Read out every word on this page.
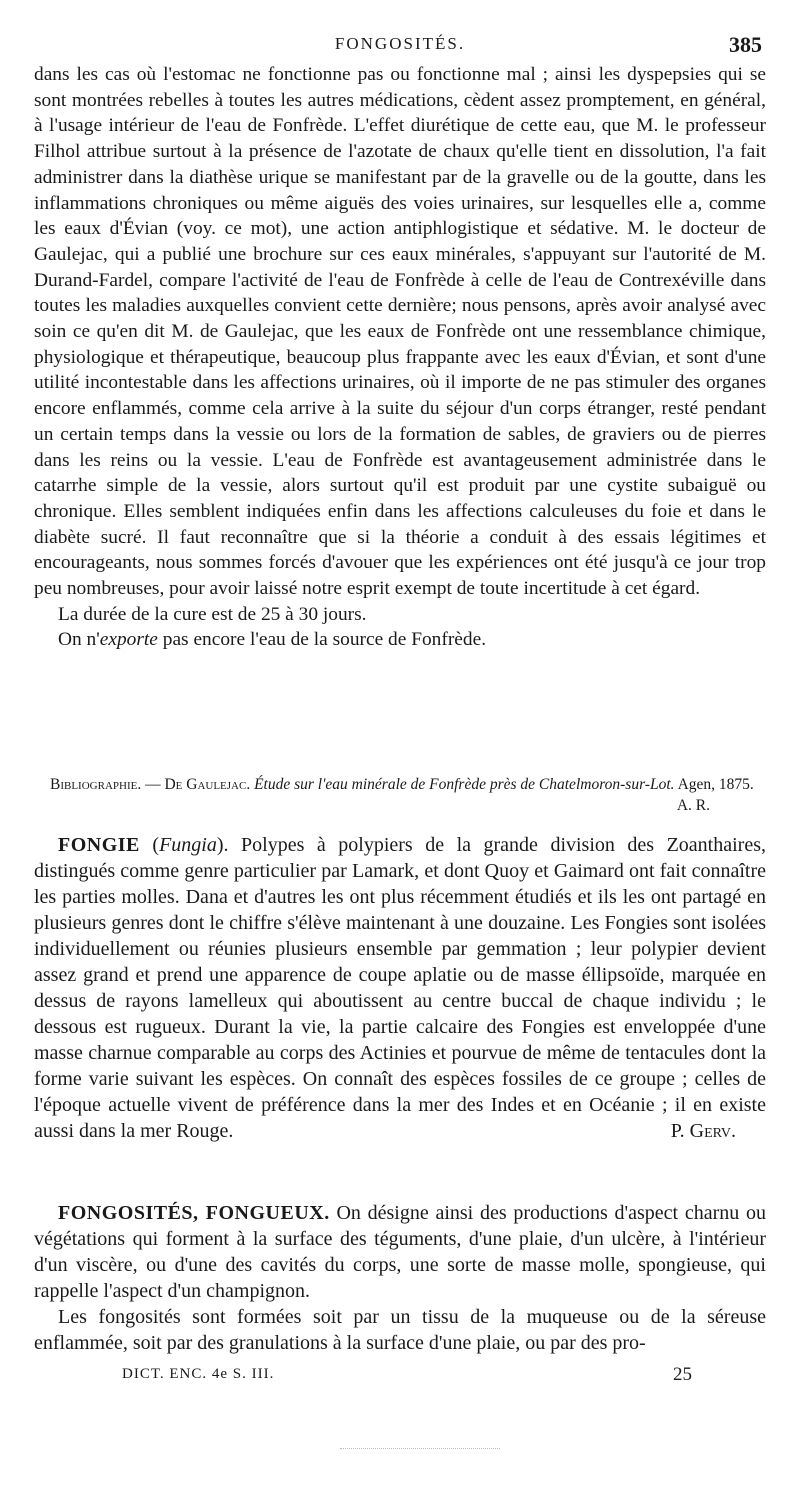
FONGOSITÉS.	385

dans les cas où l'estomac ne fonctionne pas ou fonctionne mal ; ainsi les dyspepsies qui se sont montrées rebelles à toutes les autres médications, cèdent assez promptement, en général, à l'usage intérieur de l'eau de Fonfrède. L'effet diurétique de cette eau, que M. le professeur Filhol attribue surtout à la présence de l'azotate de chaux qu'elle tient en dissolution, l'a fait administrer dans la diathèse urique se manifestant par de la gravelle ou de la goutte, dans les inflammations chroniques ou même aiguës des voies urinaires, sur lesquelles elle a, comme les eaux d'Évian (voy. ce mot), une action antiphlogistique et sédative. M. le docteur de Gaulejac, qui a publié une brochure sur ces eaux minérales, s'appuyant sur l'autorité de M. Durand-Fardel, compare l'activité de l'eau de Fonfrède à celle de l'eau de Contrexéville dans toutes les maladies auxquelles convient cette dernière; nous pensons, après avoir analysé avec soin ce qu'en dit M. de Gaulejac, que les eaux de Fonfrède ont une ressemblance chimique, physiologique et thérapeutique, beaucoup plus frappante avec les eaux d'Évian, et sont d'une utilité incontestable dans les affections urinaires, où il importe de ne pas stimuler des organes encore enflammés, comme cela arrive à la suite du séjour d'un corps étranger, resté pendant un certain temps dans la vessie ou lors de la formation de sables, de graviers ou de pierres dans les reins ou la vessie. L'eau de Fonfrède est avantageusement administrée dans le catarrhe simple de la vessie, alors surtout qu'il est produit par une cystite subaiguë ou chronique. Elles semblent indiquées enfin dans les affections calculeuses du foie et dans le diabète sucré. Il faut reconnaître que si la théorie a conduit à des essais légitimes et encourageants, nous sommes forcés d'avouer que les expériences ont été jusqu'à ce jour trop peu nombreuses, pour avoir laissé notre esprit exempt de toute incertitude à cet égard.

La durée de la cure est de 25 à 30 jours.

On n'exporte pas encore l'eau de la source de Fonfrède.

Bibliographie. — De Gaulejac. Étude sur l'eau minérale de Fonfrède près de Chatelmoron-sur-Lot. Agen, 1875.
A. R.

FONGIE (Fungia). Polypes à polypiers de la grande division des Zoanthaires, distingués comme genre particulier par Lamark, et dont Quoy et Gaimard ont fait connaître les parties molles. Dana et d'autres les ont plus récemment étudiés et ils les ont partagé en plusieurs genres dont le chiffre s'élève maintenant à une douzaine. Les Fongies sont isolées individuellement ou réunies plusieurs ensemble par gemmation ; leur polypier devient assez grand et prend une apparence de coupe aplatie ou de masse éllipsoïde, marquée en dessus de rayons lamelleux qui aboutissent au centre buccal de chaque individu ; le dessous est rugueux. Durant la vie, la partie calcaire des Fongies est enveloppée d'une masse charnue comparable au corps des Actinies et pourvue de même de tentacules dont la forme varie suivant les espèces. On connaît des espèces fossiles de ce groupe ; celles de l'époque actuelle vivent de préférence dans la mer des Indes et en Océanie ; il en existe aussi dans la mer Rouge.	P. Gerv.

FONGOSITÉS, FONGUEUX. On désigne ainsi des productions d'aspect charnu ou végétations qui forment à la surface des téguments, d'une plaie, d'un ulcère, à l'intérieur d'un viscère, ou d'une des cavités du corps, une sorte de masse molle, spongieuse, qui rappelle l'aspect d'un champignon.

Les fongosités sont formées soit par un tissu de la muqueuse ou de la séreuse enflammée, soit par des granulations à la surface d'une plaie, ou par des pro-

DICT. ENC. 4e S. III.	25
